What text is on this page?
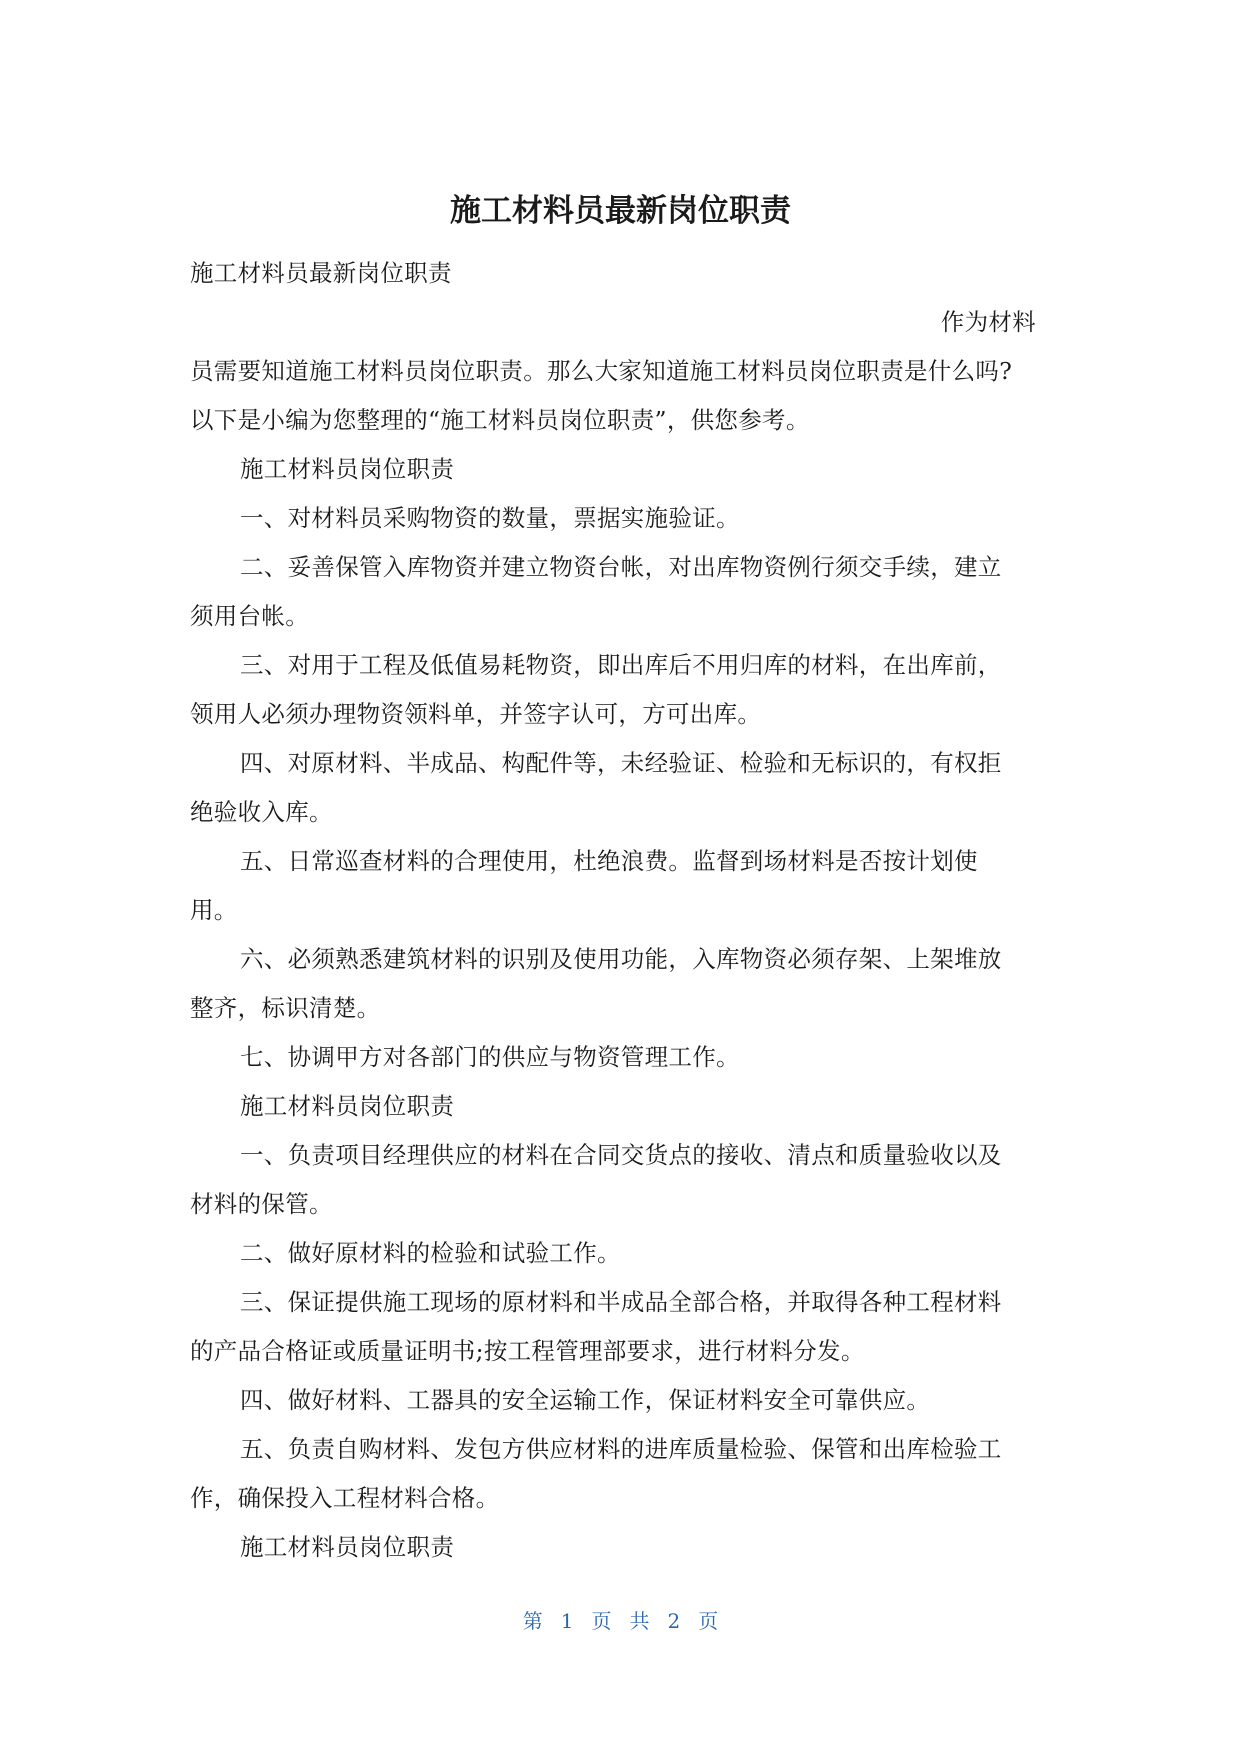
施工材料员最新岗位职责
施工材料员最新岗位职责
作为材料
员需要知道施工材料员岗位职责。那么大家知道施工材料员岗位职责是什么吗?
以下是小编为您整理的“施工材料员岗位职责”，供您参考。
施工材料员岗位职责
一、对材料员采购物资的数量，票据实施验证。
二、妥善保管入库物资并建立物资台帐，对出库物资例行须交手续，建立
须用台帐。
三、对用于工程及低值易耗物资，即出库后不用归库的材料，在出库前，
领用人必须办理物资领料单，并签字认可，方可出库。
四、对原材料、半成品、构配件等，未经验证、检验和无标识的，有权拒
绝验收入库。
五、日常巡查材料的合理使用，杜绝浪费。监督到场材料是否按计划使
用。
六、必须熟悉建筑材料的识别及使用功能，入库物资必须存架、上架堆放
整齐，标识清楚。
七、协调甲方对各部门的供应与物资管理工作。
施工材料员岗位职责
一、负责项目经理供应的材料在合同交货点的接收、清点和质量验收以及
材料的保管。
二、做好原材料的检验和试验工作。
三、保证提供施工现场的原材料和半成品全部合格，并取得各种工程材料
的产品合格证或质量证明书;按工程管理部要求，进行材料分发。
四、做好材料、工器具的安全运输工作，保证材料安全可靠供应。
五、负责自购材料、发包方供应材料的进库质量检验、保管和出库检验工
作，确保投入工程材料合格。
施工材料员岗位职责
第 1 页 共 2 页
